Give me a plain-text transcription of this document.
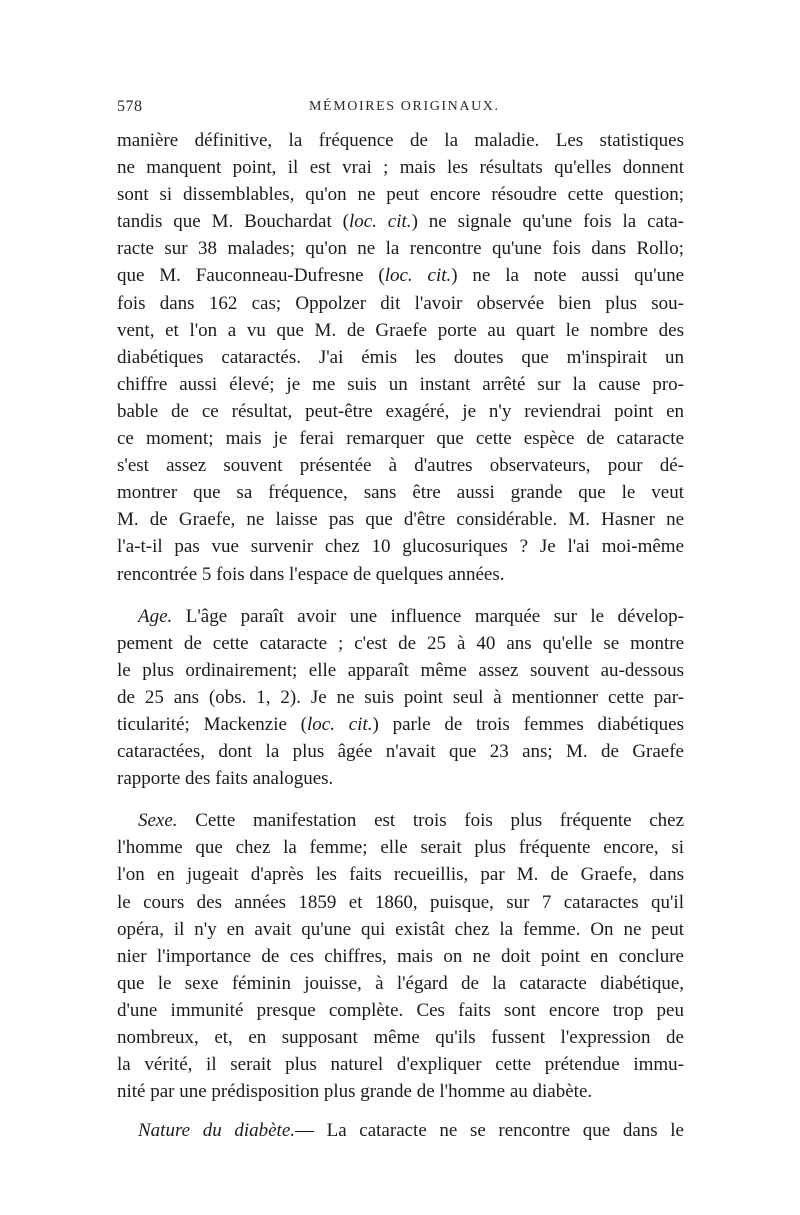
578	MÉMOIRES ORIGINAUX.
manière définitive, la fréquence de la maladie. Les statistiques
ne manquent point, il est vrai ; mais les résultats qu'elles donnent
sont si dissemblables, qu'on ne peut encore résoudre cette question;
tandis que M. Bouchardat (loc. cit.) ne signale qu'une fois la cata-
racte sur 38 malades; qu'on ne la rencontre qu'une fois dans Rollo;
que M. Fauconneau-Dufresne (loc. cit.) ne la note aussi qu'une
fois dans 162 cas; Oppolzer dit l'avoir observée bien plus sou-
vent, et l'on a vu que M. de Graefe porte au quart le nombre des
diabétiques cataractés. J'ai émis les doutes que m'inspirait un
chiffre aussi élevé; je me suis un instant arrêté sur la cause pro-
bable de ce résultat, peut-être exagéré, je n'y reviendrai point en
ce moment; mais je ferai remarquer que cette espèce de cataracte
s'est assez souvent présentée à d'autres observateurs, pour dé-
montrer que sa fréquence, sans être aussi grande que le veut
M. de Graefe, ne laisse pas que d'être considérable. M. Hasner ne
l'a-t-il pas vue survenir chez 10 glucosuriques ? Je l'ai moi-même
rencontrée 5 fois dans l'espace de quelques années.
Age. L'âge paraît avoir une influence marquée sur le dévelop-
pement de cette cataracte ; c'est de 25 à 40 ans qu'elle se montre
le plus ordinairement; elle apparaît même assez souvent au-dessous
de 25 ans (obs. 1, 2). Je ne suis point seul à mentionner cette par-
ticularité; Mackenzie (loc. cit.) parle de trois femmes diabétiques
cataractées, dont la plus âgée n'avait que 23 ans; M. de Graefe
rapporte des faits analogues.
Sexe. Cette manifestation est trois fois plus fréquente chez
l'homme que chez la femme; elle serait plus fréquente encore, si
l'on en jugeait d'après les faits recueillis, par M. de Graefe, dans
le cours des années 1859 et 1860, puisque, sur 7 cataractes qu'il
opéra, il n'y en avait qu'une qui existât chez la femme. On ne peut
nier l'importance de ces chiffres, mais on ne doit point en conclure
que le sexe féminin jouisse, à l'égard de la cataracte diabétique,
d'une immunité presque complète. Ces faits sont encore trop peu
nombreux, et, en supposant même qu'ils fussent l'expression de
la vérité, il serait plus naturel d'expliquer cette prétendue immu-
nité par une prédisposition plus grande de l'homme au diabète.
Nature du diabète.— La cataracte ne se rencontre que dans le
